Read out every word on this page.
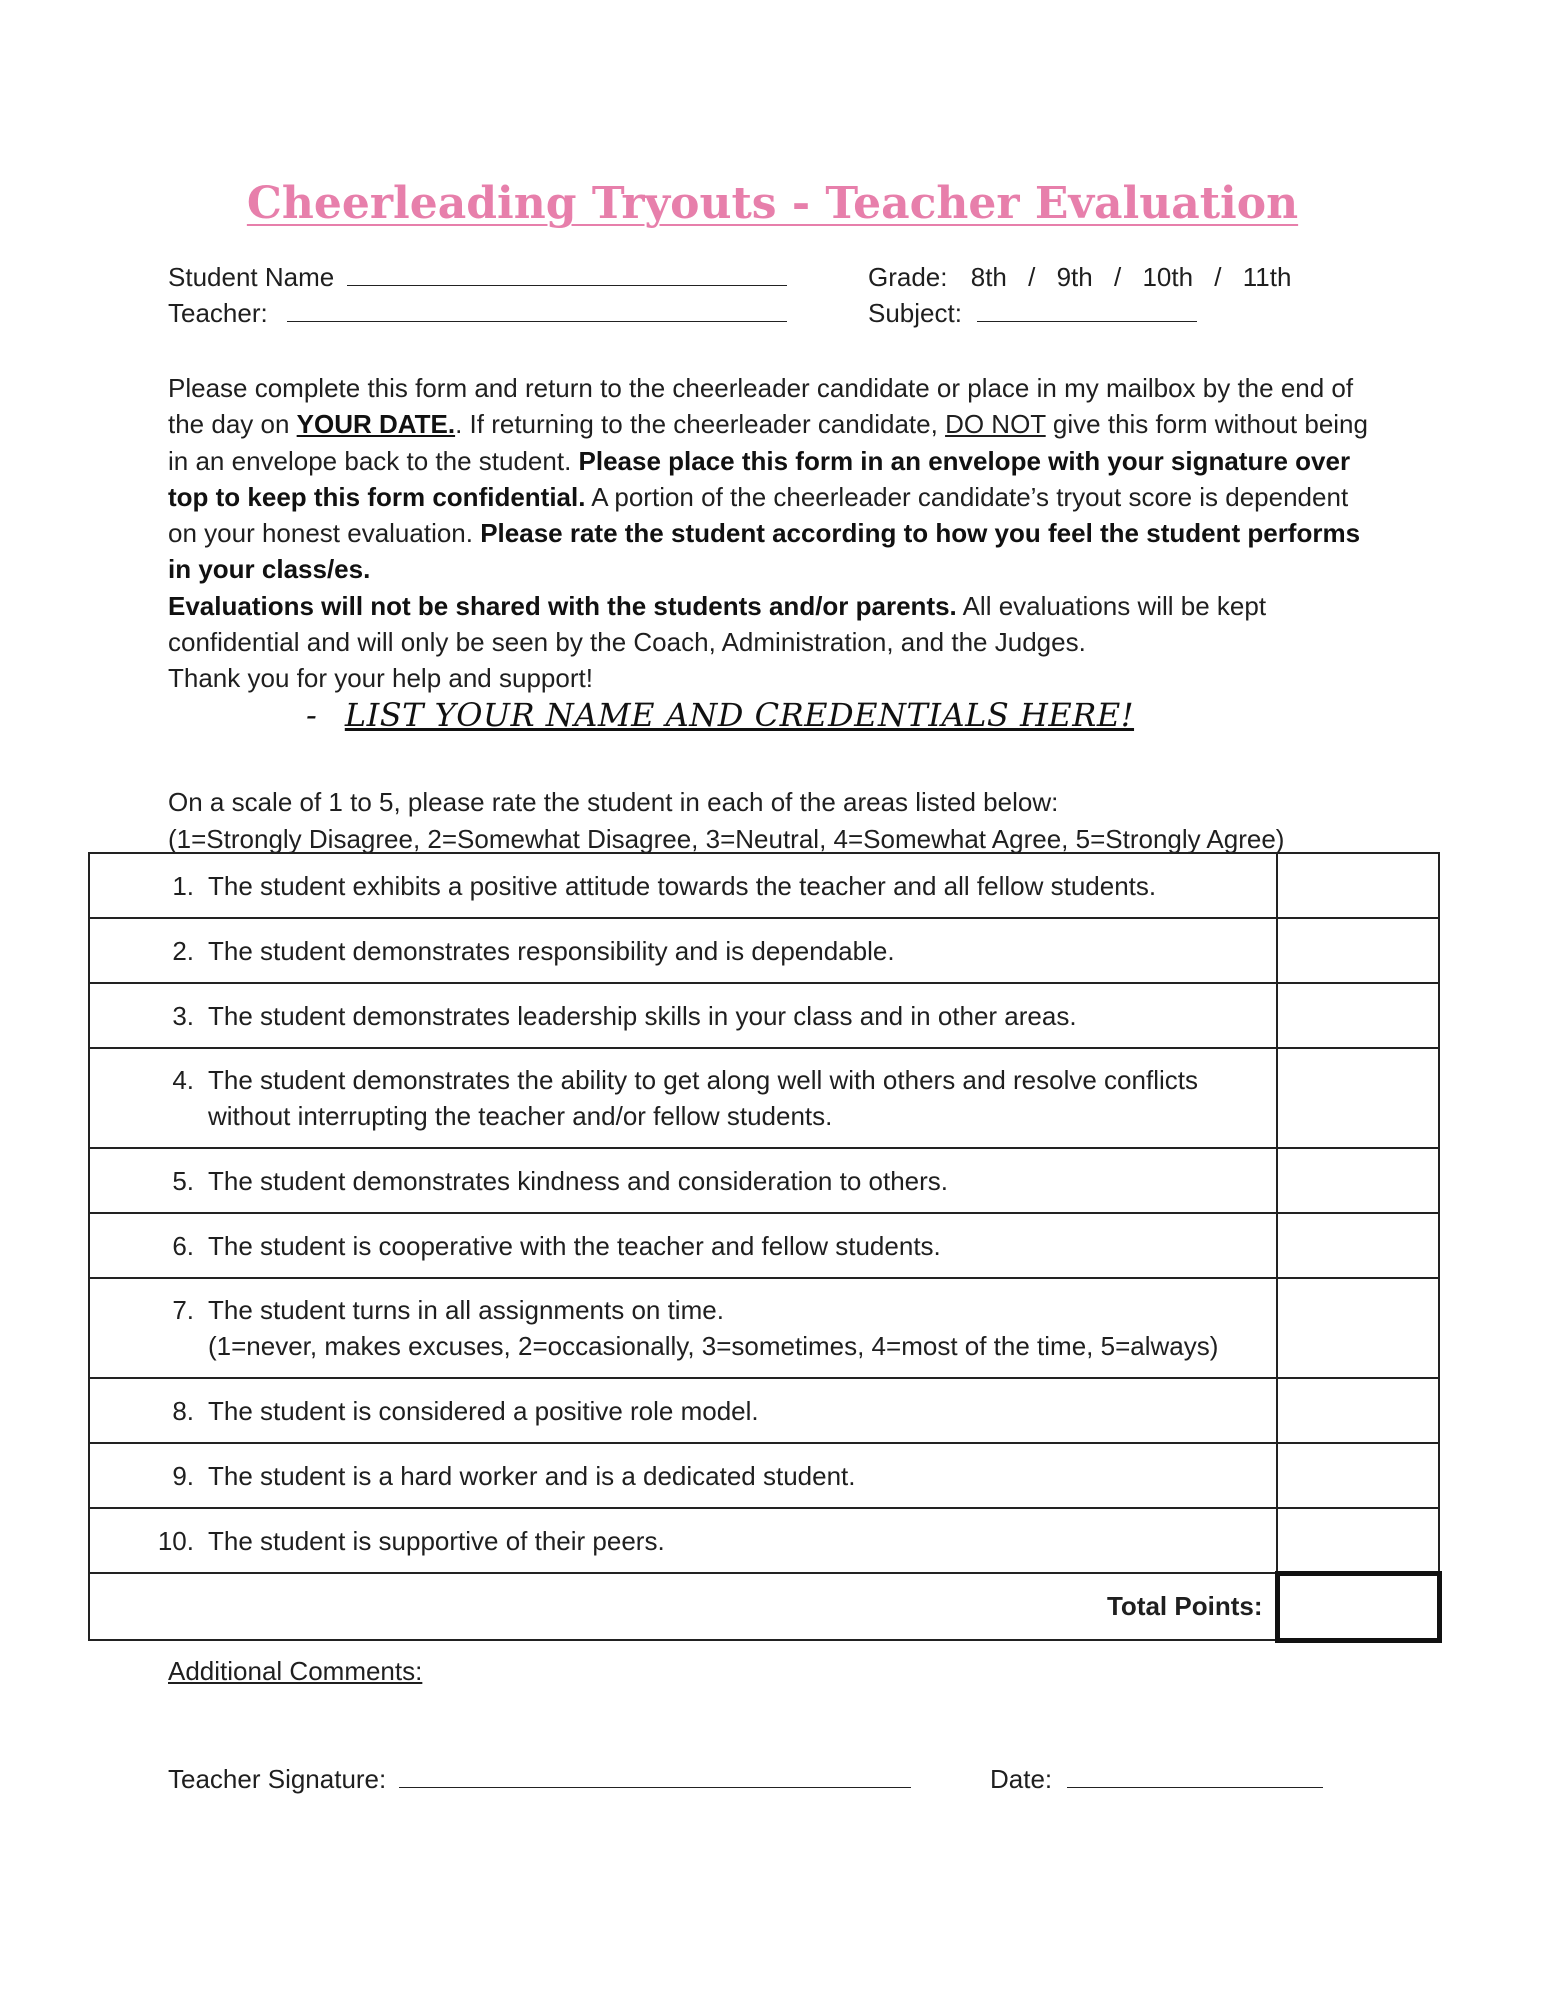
Cheerleading Tryouts - Teacher Evaluation
Student Name
Teacher:
Grade: 8th / 9th / 10th / 11th
Subject:
Please complete this form and return to the cheerleader candidate or place in my mailbox by the end of the day on YOUR DATE.. If returning to the cheerleader candidate, DO NOT give this form without being in an envelope back to the student. Please place this form in an envelope with your signature over top to keep this form confidential. A portion of the cheerleader candidate’s tryout score is dependent on your honest evaluation. Please rate the student according to how you feel the student performs in your class/es.
Evaluations will not be shared with the students and/or parents. All evaluations will be kept confidential and will only be seen by the Coach, Administration, and the Judges.
Thank you for your help and support!
- LIST YOUR NAME AND CREDENTIALS HERE!
On a scale of 1 to 5, please rate the student in each of the areas listed below:
(1=Strongly Disagree, 2=Somewhat Disagree, 3=Neutral, 4=Somewhat Agree, 5=Strongly Agree)
1. The student exhibits a positive attitude towards the teacher and all fellow students.	

2. The student demonstrates responsibility and is dependable.	

3. The student demonstrates leadership skills in your class and in other areas.	

4. The student demonstrates the ability to get along well with others and resolve conflicts
without interrupting the teacher and/or fellow students.	

5. The student demonstrates kindness and consideration to others.	

6. The student is cooperative with the teacher and fellow students.	

7. The student turns in all assignments on time.
(1=never, makes excuses, 2=occasionally, 3=sometimes, 4=most of the time, 5=always)	

8. The student is considered a positive role model.	

9. The student is a hard worker and is a dedicated student.	

10. The student is supportive of their peers.	

Total Points:	
Additional Comments:
Teacher Signature:	Date:
